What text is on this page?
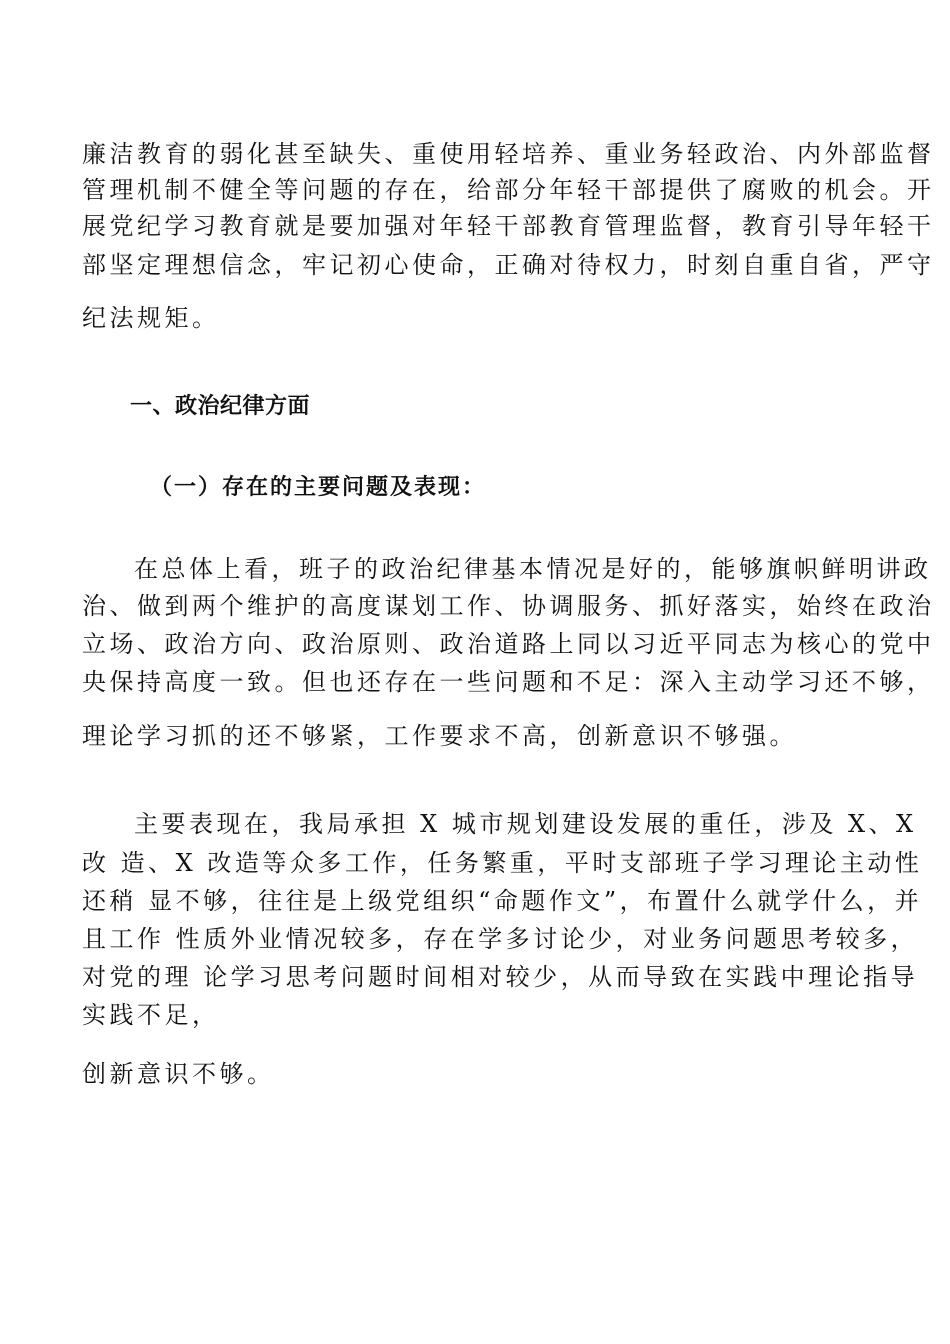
廉洁教育的弱化甚至缺失、重使用轻培养、重业务轻政治、内外部监督
管理机制不健全等问题的存在，给部分年轻干部提供了腐败的机会。开
展党纪学习教育就是要加强对年轻干部教育管理监督，教育引导年轻干
部坚定理想信念，牢记初心使命，正确对待权力，时刻自重自省，严守
纪法规矩。
一、政治纪律方面
（一）存在的主要问题及表现：
在总体上看，班子的政治纪律基本情况是好的，能够旗帜鲜明讲政
治、做到两个维护的高度谋划工作、协调服务、抓好落实，始终在政治
立场、政治方向、政治原则、政治道路上同以习近平同志为核心的党中
央保持高度一致。但也还存在一些问题和不足：深入主动学习还不够，
理论学习抓的还不够紧，工作要求不高，创新意识不够强。
主要表现在，我局承担 X 城市规划建设发展的重任，涉及 X、X
改 造、X 改造等众多工作，任务繁重，平时支部班子学习理论主动性
还稍 显不够，往往是上级党组织“命题作文”，布置什么就学什么，并
且工作 性质外业情况较多，存在学多讨论少，对业务问题思考较多，
对党的理 论学习思考问题时间相对较少，从而导致在实践中理论指导
实践不足，
创新意识不够。
